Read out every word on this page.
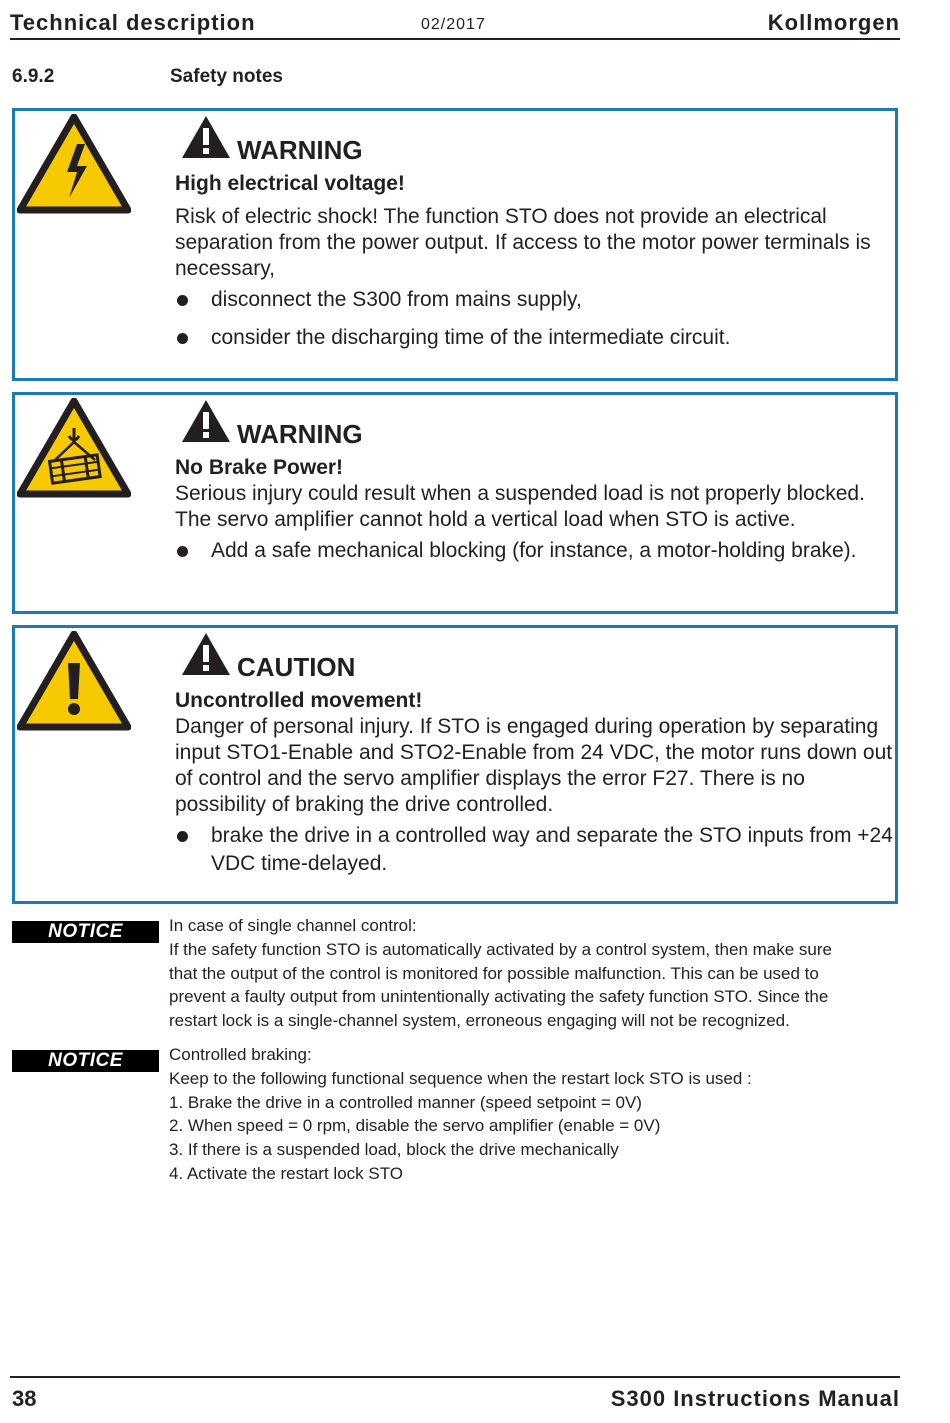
Technical description	02/2017	Kollmorgen
6.9.2	Safety notes
WARNING
High electrical voltage!
Risk of electric shock! The function STO does not provide an electrical separation from the power output. If access to the motor power terminals is necessary,
disconnect the S300 from mains supply,
consider the discharging time of the intermediate circuit.
WARNING
No Brake Power!
Serious injury could result when a suspended load is not properly blocked. The servo amplifier cannot hold a vertical load when STO is active.
Add a safe mechanical blocking (for instance, a motor-holding brake).
CAUTION
Uncontrolled movement!
Danger of personal injury. If STO is engaged during operation by separating input STO1-Enable and STO2-Enable from 24 VDC, the motor runs down out of control and the servo amplifier displays the error F27. There is no possibility of braking the drive controlled.
brake the drive in a controlled way and separate the STO inputs from +24 VDC time-delayed.
NOTICE	In case of single channel control:
If the safety function STO is automatically activated by a control system, then make sure
that the output of the control is monitored for possible malfunction. This can be used to
prevent a faulty output from unintentionally activating the safety function STO. Since the
restart lock is a single-channel system, erroneous engaging will not be recognized.
NOTICE	Controlled braking:
Keep to the following functional sequence when the restart lock STO is used :
1. Brake the drive in a controlled manner (speed setpoint = 0V)
2. When speed = 0 rpm, disable the servo amplifier (enable = 0V)
3. If there is a suspended load, block the drive mechanically
4. Activate the restart lock STO
38	S300 Instructions Manual
